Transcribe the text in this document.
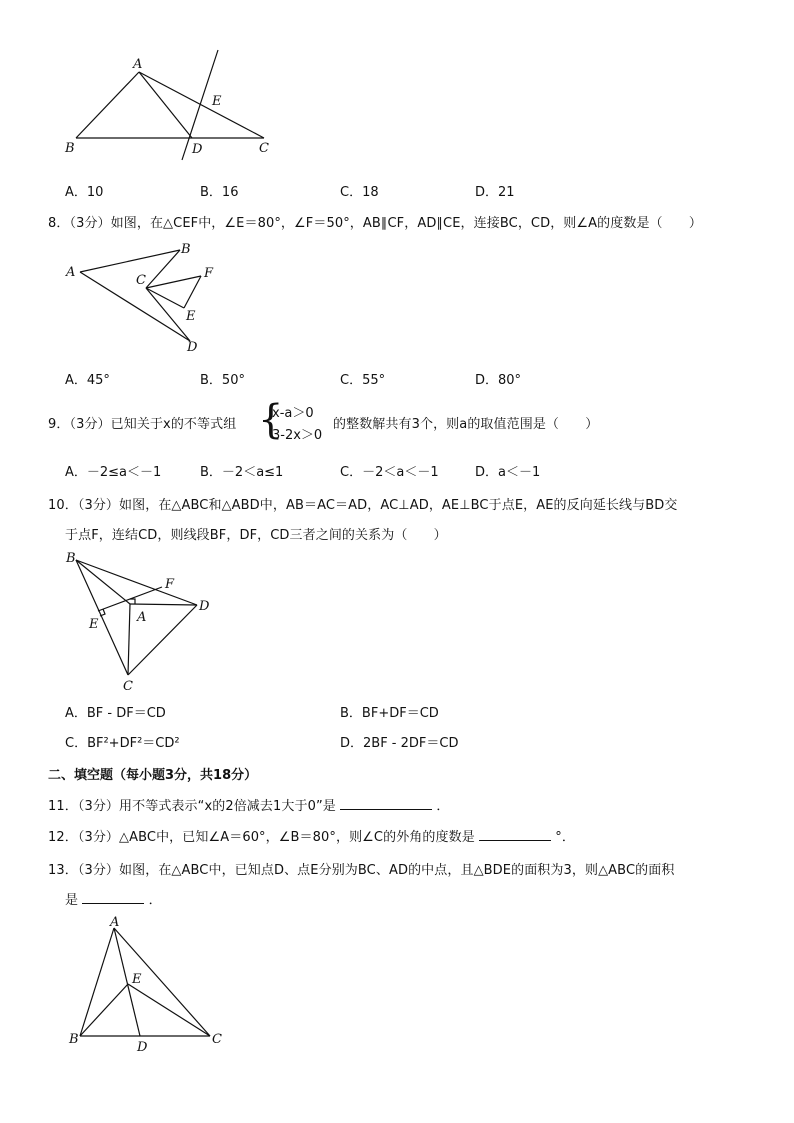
A
B	C
D
E
A．10	B．16	C．18	D．21
8．（3分）如图，在△CEF中，∠E＝80°，∠F＝50°，AB∥CF，AD∥CE，连接BC，CD，则∠A的度数是（　　）
A
B
C
D
E
F
A．45°	B．50°	C．55°	D．80°
9．（3分）已知关于x的不等式组 {
x-a＞0
3-2x＞0
的整数解共有3个，则a的取值范围是（　　）
A．－2≤a＜－1	B．－2＜a≤1	C．－2＜a＜－1	D．a＜－1
10．（3分）如图，在△ABC和△ABD中，AB＝AC＝AD，AC⊥AD，AE⊥BC于点E，AE的反向延长线与BD交
于点F，连结CD，则线段BF，DF，CD三者之间的关系为（　　）
B
A
C
D
E
F
A．BF - DF＝CD	B．BF+DF＝CD
C．BF²+DF²＝CD²	D．2BF - 2DF＝CD
二、填空题（每小题3分，共18分）
11．（3分）用不等式表示“x的2倍减去1大于0”是	．
12．（3分）△ABC中，已知∠A＝60°，∠B＝80°，则∠C的外角的度数是	°．
13．（3分）如图，在△ABC中，已知点D、点E分别为BC、AD的中点，且△BDE的面积为3，则△ABC的面积
是	．
A
B	C
D
E
